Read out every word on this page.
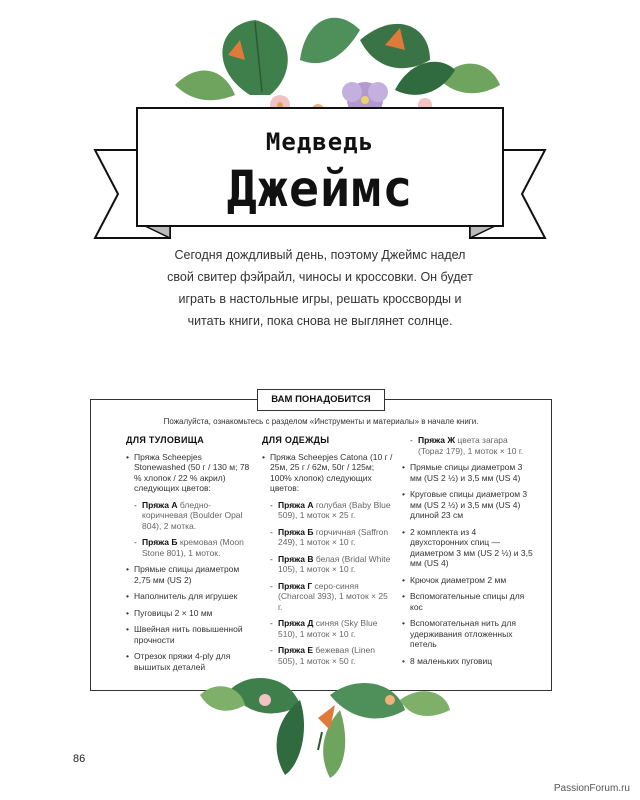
Медведь
Джеймс
Сегодня дождливый день, поэтому Джеймс надел
свой свитер фэйрайл, чиносы и кроссовки. Он будет
играть в настольные игры, решать кроссворды и
читать книги, пока снова не выглянет солнце.
ВАМ ПОНАДОБИТСЯ
Пожалуйста, ознакомьтесь с разделом «Инструменты и материалы» в начале книги.
ДЛЯ ТУЛОВИЩА
• Пряжа Scheepjes Stonewashed (50 г / 130 м; 78 % хлопок / 22 % акрил) следующих цветов:
- Пряжа А бледно-коричневая (Boulder Opal 804), 2 мотка.
- Пряжа Б кремовая (Moon Stone 801), 1 моток.
• Прямые спицы диаметром 2,75 мм (US 2)
• Наполнитель для игрушек
• Пуговицы 2 × 10 мм
• Швейная нить повышенной прочности
• Отрезок пряжи 4-ply для вышитых деталей
ДЛЯ ОДЕЖДЫ
• Пряжа Scheepjes Catona (10 г / 25м, 25 г / 62м, 50г / 125м; 100% хлопок) следующих цветов:
- Пряжа А голубая (Baby Blue 509), 1 моток × 25 г.
- Пряжа Б горчичная (Saffron 249), 1 моток × 10 г.
- Пряжа В белая (Bridal White 105), 1 моток × 10 г.
- Пряжа Г серо-синяя (Charcoal 393), 1 моток × 25 г.
- Пряжа Д синяя (Sky Blue 510), 1 моток × 10 г.
- Пряжа Е бежевая (Linen 505), 1 моток × 50 г.
- Пряжа Ж цвета загара (Topaz 179), 1 моток × 10 г.
• Прямые спицы диаметром 3 мм (US 2 ½) и 3,5 мм (US 4)
• Круговые спицы диаметром 3 мм (US 2 ½) и 3,5 мм (US 4) длиной 23 см
• 2 комплекта из 4 двухсторонних спиц — диаметром 3 мм (US 2 ½) и 3,5 мм (US 4)
• Крючок диаметром 2 мм
• Вспомогательные спицы для кос
• Вспомогательная нить для удерживания отложенных петель
• 8 маленьких пуговиц
86
PassionForum.ru
